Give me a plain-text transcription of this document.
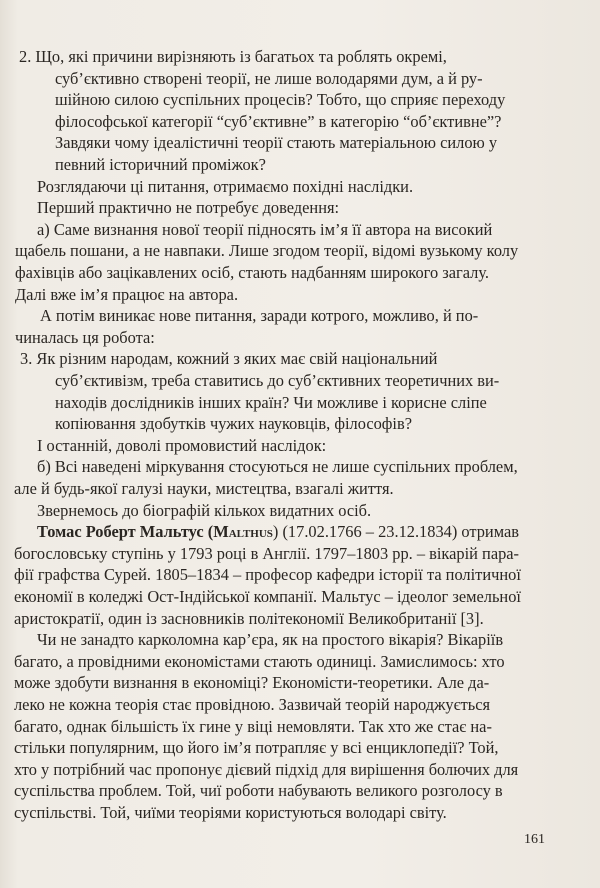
2. Що, які причини вирізняють із багатьох та роблять окремі,
суб’єктивно створені теорії, не лише володарями дум, а й ру-
шійною силою суспільних процесів? Тобто, що сприяє переходу
філософської категорії “суб’єктивне” в категорію “об’єктивне”?
Завдяки чому ідеалістичні теорії стають матеріальною силою у
певний історичний проміжок?
Розглядаючи ці питання, отримаємо похідні наслідки.
Перший практично не потребує доведення:
а) Саме визнання нової теорії підносять ім’я її автора на високий
щабель пошани, а не навпаки. Лише згодом теорії, відомі вузькому колу
фахівців або зацікавлених осіб, стають надбанням широкого загалу.
Далі вже ім’я працює на автора.
А потім виникає нове питання, заради котрого, можливо, й по-
чиналась ця робота:
3. Як різним народам, кожний з яких має свій національний
суб’єктивізм, треба ставитись до суб’єктивних теоретичних ви-
находів дослідників інших країн? Чи можливе і корисне сліпе
копіювання здобутків чужих науковців, філософів?
І останній, доволі промовистий наслідок:
б) Всі наведені міркування стосуються не лише суспільних проблем,
але й будь-якої галузі науки, мистецтва, взагалі життя.
Звернемось до біографій кількох видатних осіб.
Томас Роберт Мальтус (Malthus) (17.02.1766 – 23.12.1834) отримав
богословську ступінь у 1793 році в Англії. 1797–1803 рр. – вікарій пара-
фії графства Сурей. 1805–1834 – професор кафедри історії та політичної
економії в коледжі Ост-Індійської компанії. Мальтус – ідеолог земельної
аристократії, один із засновників політекономії Великобританії [3].
Чи не занадто карколомна кар’єра, як на простого вікарія? Вікаріїв
багато, а провідними економістами стають одиниці. Замислимось: хто
може здобути визнання в економіці? Економісти-теоретики. Але да-
леко не кожна теорія стає провідною. Зазвичай теорій народжується
багато, однак більшість їх гине у віці немовляти. Так хто же стає на-
стільки популярним, що його ім’я потрапляє у всі енциклопедії? Той,
хто у потрібний час пропонує дієвий підхід для вирішення болючих для
суспільства проблем. Той, чиї роботи набувають великого розголосу в
суспільстві. Той, чиїми теоріями користуються володарі світу.
161
